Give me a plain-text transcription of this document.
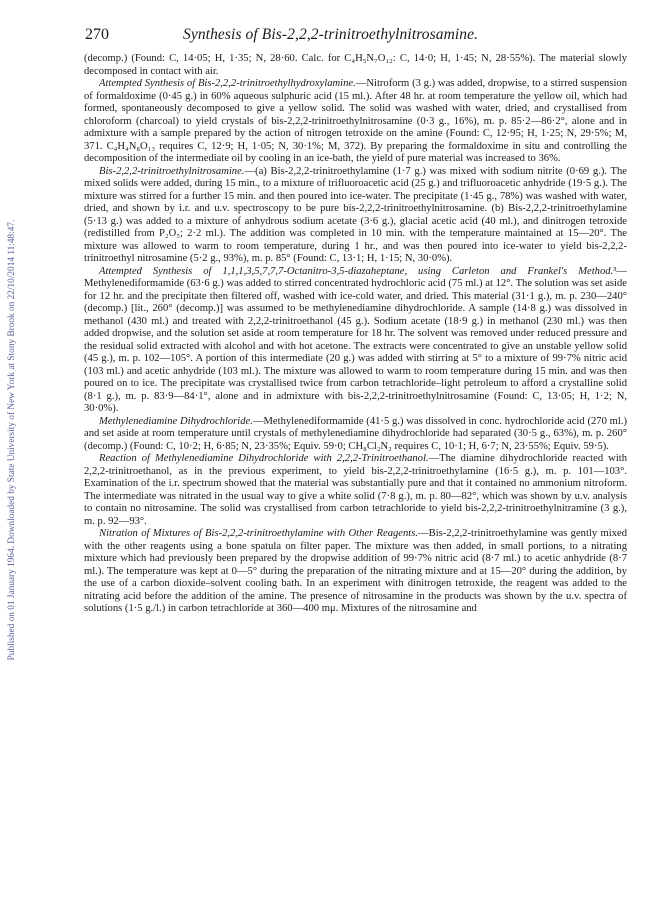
Published on 01 January 1964. Downloaded by State University of New York at Stony Brook on 22/10/2014 11:48:47.
270	Synthesis of Bis-2,2,2-trinitroethylnitrosamine.

(decomp.) (Found: C, 14·05; H, 1·35; N, 28·60. Calc. for C₄H₅N₇O₁₂: C, 14·0; H, 1·45; N, 28·55%). The material slowly decomposed in contact with air.

Attempted Synthesis of Bis-2,2,2-trinitroethylhydroxylamine.—Nitroform (3 g.) was added, dropwise, to a stirred suspension of formaldoxime (0·45 g.) in 60% aqueous sulphuric acid (15 ml.). After 48 hr. at room temperature the yellow oil, which had formed, spontaneously decomposed to give a yellow solid. The solid was washed with water, dried, and crystallised from chloroform (charcoal) to yield crystals of bis-2,2,2-trinitroethylnitrosamine (0·3 g., 16%), m. p. 85·2—86·2°, alone and in admixture with a sample prepared by the action of nitrogen tetroxide on the amine (Found: C, 12·95; H, 1·25; N, 29·5%; M, 371. C₄H₄N₈O₁₃ requires C, 12·9; H, 1·05; N, 30·1%; M, 372). By preparing the formaldoxime in situ and controlling the decomposition of the intermediate oil by cooling in an ice-bath, the yield of pure material was increased to 36%.

Bis-2,2,2-trinitroethylnitrosamine.—(a) Bis-2,2,2-trinitroethylamine (1·7 g.) was mixed with sodium nitrite (0·69 g.). The mixed solids were added, during 15 min., to a mixture of trifluoroacetic acid (25 g.) and trifluoroacetic anhydride (19·5 g.). The mixture was stirred for a further 15 min. and then poured into ice-water. The precipitate (1·45 g., 78%) was washed with water, dried, and shown by i.r. and u.v. spectroscopy to be pure bis-2,2,2-trinitroethylnitrosamine. (b) Bis-2,2,2-trinitroethylamine (5·13 g.) was added to a mixture of anhydrous sodium acetate (3·6 g.), glacial acetic acid (40 ml.), and dinitrogen tetroxide (redistilled from P₂O₅; 2·2 ml.). The addition was completed in 10 min. with the temperature maintained at 15—20°. The mixture was allowed to warm to room temperature, during 1 hr., and was then poured into ice-water to yield bis-2,2,2-trinitroethyl nitrosamine (5·2 g., 93%), m. p. 85° (Found: C, 13·1; H, 1·15; N, 30·0%).

Attempted Synthesis of 1,1,1,3,5,7,7,7-Octanitro-3,5-diazaheptane, using Carleton and Frankel's Method.³—Methylenediformamide (63·6 g.) was added to stirred concentrated hydrochloric acid (75 ml.) at 12°. The solution was set aside for 12 hr. and the precipitate then filtered off, washed with ice-cold water, and dried. This material (31·1 g.), m. p. 230—240° (decomp.) [lit., 260° (decomp.)] was assumed to be methylenediamine dihydrochloride. A sample (14·8 g.) was dissolved in methanol (430 ml.) and treated with 2,2,2-trinitroethanol (45 g.). Sodium acetate (18·9 g.) in methanol (230 ml.) was then added dropwise, and the solution set aside at room temperature for 18 hr. The solvent was removed under reduced pressure and the residual solid extracted with alcohol and with hot acetone. The extracts were concentrated to give an unstable yellow solid (45 g.), m. p. 102—105°. A portion of this intermediate (20 g.) was added with stirring at 5° to a mixture of 99·7% nitric acid (103 ml.) and acetic anhydride (103 ml.). The mixture was allowed to warm to room temperature during 15 min. and was then poured on to ice. The precipitate was crystallised twice from carbon tetrachloride–light petroleum to afford a crystalline solid (8·1 g.), m. p. 83·9—84·1°, alone and in admixture with bis-2,2,2-trinitroethylnitrosamine (Found: C, 13·05; H, 1·2; N, 30·0%).

Methylenediamine Dihydrochloride.—Methylenediformamide (41·5 g.) was dissolved in conc. hydrochloride acid (270 ml.) and set aside at room temperature until crystals of methylenediamine dihydrochloride had separated (30·5 g., 63%), m. p. 260° (decomp.) (Found: C, 10·2; H, 6·85; N, 23·35%; Equiv. 59·0; CH₈Cl₂N₂ requires C, 10·1; H, 6·7; N, 23·55%; Equiv. 59·5).

Reaction of Methylenediamine Dihydrochloride with 2,2,2-Trinitroethanol.—The diamine dihydrochloride reacted with 2,2,2-trinitroethanol, as in the previous experiment, to yield bis-2,2,2-trinitroethylamine (16·5 g.), m. p. 101—103°. Examination of the i.r. spectrum showed that the material was substantially pure and that it contained no ammonium nitroform. The intermediate was nitrated in the usual way to give a white solid (7·8 g.), m. p. 80—82°, which was shown by u.v. analysis to contain no nitrosamine. The solid was crystallised from carbon tetrachloride to yield bis-2,2,2-trinitroethylnitramine (3 g.), m. p. 92—93°.

Nitration of Mixtures of Bis-2,2,2-trinitroethylamine with Other Reagents.—Bis-2,2,2-trinitroethylamine was gently mixed with the other reagents using a bone spatula on filter paper. The mixture was then added, in small portions, to a nitrating mixture which had previously been prepared by the dropwise addition of 99·7% nitric acid (8·7 ml.) to acetic anhydride (8·7 ml.). The temperature was kept at 0—5° during the preparation of the nitrating mixture and at 15—20° during the addition, by the use of a carbon dioxide–solvent cooling bath. In an experiment with dinitrogen tetroxide, the reagent was added to the nitrating acid before the addition of the amine. The presence of nitrosamine in the products was shown by the u.v. spectra of solutions (1·5 g./l.) in carbon tetrachloride at 360—400 mμ. Mixtures of the nitrosamine and
